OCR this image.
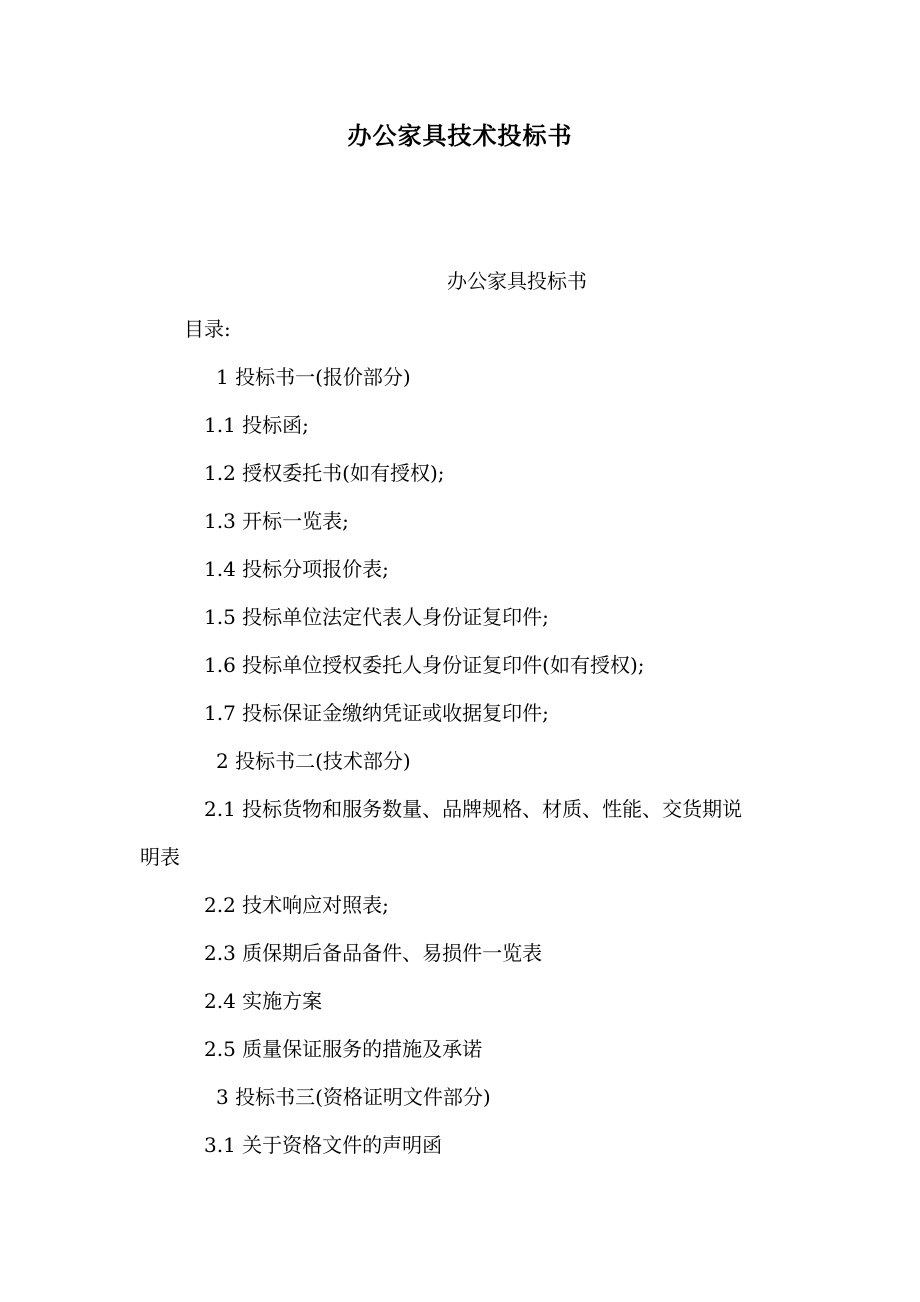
办公家具技术投标书

办公家具投标书

目录:

1 投标书一(报价部分)

1.1 投标函;

1.2 授权委托书(如有授权);

1.3 开标一览表;

1.4 投标分项报价表;

1.5 投标单位法定代表人身份证复印件;

1.6 投标单位授权委托人身份证复印件(如有授权);

1.7 投标保证金缴纳凭证或收据复印件;

2 投标书二(技术部分)

2.1 投标货物和服务数量、品牌规格、材质、性能、交货期说

明表

2.2 技术响应对照表;

2.3 质保期后备品备件、易损件一览表

2.4 实施方案

2.5 质量保证服务的措施及承诺

3 投标书三(资格证明文件部分)

3.1 关于资格文件的声明函
